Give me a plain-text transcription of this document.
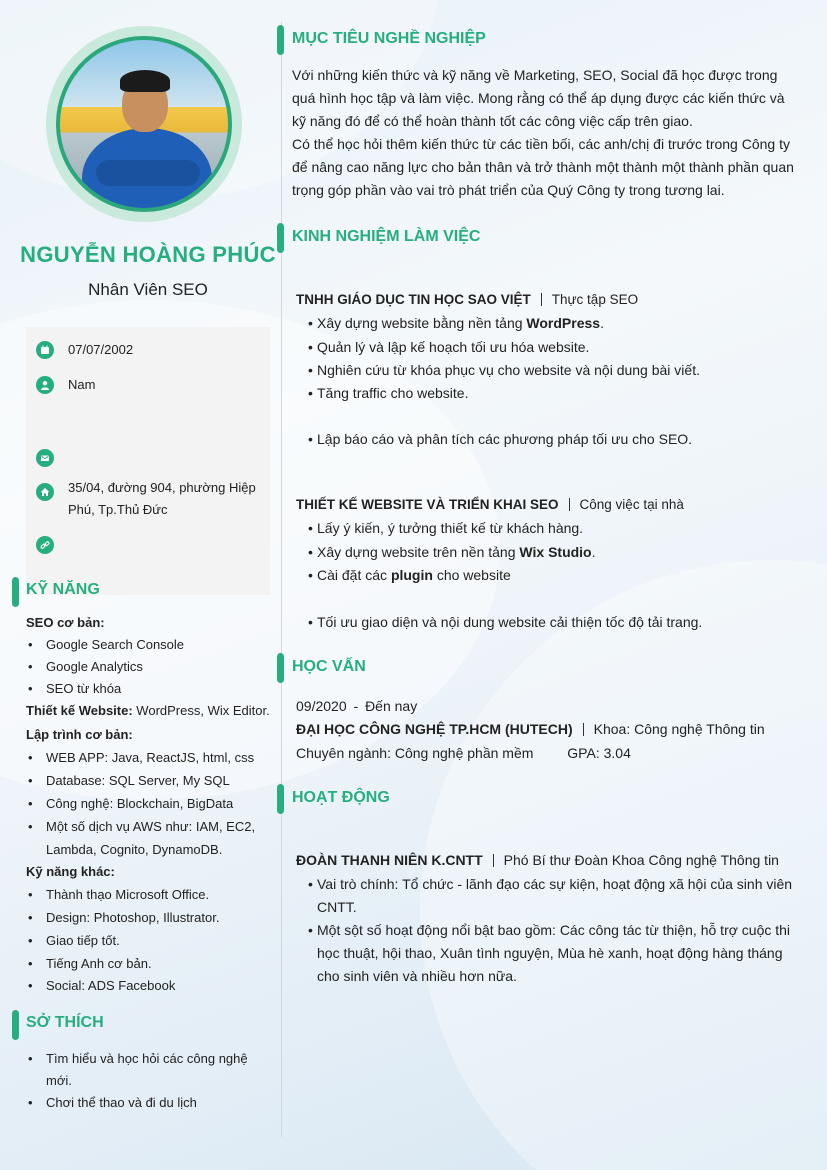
NGUYỄN HOÀNG PHÚC
Nhân Viên SEO
07/07/2002
Nam
35/04, đường 904, phường Hiệp Phú, Tp.Thủ Đức
KỸ NĂNG
SEO cơ bản:
• Google Search Console
• Google Analytics
• SEO từ khóa
Thiết kế Website: WordPress, Wix Editor.
Lập trình cơ bản:
• WEB APP: Java, ReactJS, html, css
• Database: SQL Server, My SQL
• Công nghệ: Blockchain, BigData
• Một số dịch vụ AWS như: IAM, EC2,
Lambda, Cognito, DynamoDB.
Kỹ năng khác:
• Thành thạo Microsoft Office.
• Design: Photoshop, Illustrator.
• Giao tiếp tốt.
• Tiếng Anh cơ bản.
• Social: ADS Facebook
SỞ THÍCH
• Tìm hiểu và học hỏi các công nghệ mới.
• Chơi thể thao và đi du lịch
MỤC TIÊU NGHỀ NGHIỆP
Với những kiến thức và kỹ năng về Marketing, SEO, Social đã học được trong quá hình học tập và làm việc. Mong rằng có thể áp dụng được các kiến thức và kỹ năng đó để có thể hoàn thành tốt các công việc cấp trên giao.
Có thể học hỏi thêm kiến thức từ các tiền bối, các anh/chị đi trước trong Công ty để nâng cao năng lực cho bản thân và trở thành một thành một thành phần quan trọng góp phần vào vai trò phát triển của Quý Công ty trong tương lai.
KINH NGHIỆM LÀM VIỆC
TNHH GIÁO DỤC TIN HỌC SAO VIỆT Thực tập SEO
• Xây dựng website bằng nền tảng WordPress.
• Quản lý và lập kế hoạch tối ưu hóa website.
• Nghiên cứu từ khóa phục vụ cho website và nội dung bài viết.
• Tăng traffic cho website.
• Lập báo cáo và phân tích các phương pháp tối ưu cho SEO.
THIẾT KẾ WEBSITE VÀ TRIỂN KHAI SEO Công việc tại nhà
• Lấy ý kiến, ý tưởng thiết kế từ khách hàng.
• Xây dựng website trên nền tảng Wix Studio.
• Cài đặt các plugin cho website
• Tối ưu giao diện và nội dung website cải thiện tốc độ tải trang.
HỌC VẤN
09/2020 - Đến nay
ĐẠI HỌC CÔNG NGHỆ TP.HCM (HUTECH) Khoa: Công nghệ Thông tin
Chuyên ngành: Công nghệ phần mềm GPA: 3.04
HOẠT ĐỘNG
ĐOÀN THANH NIÊN K.CNTT Phó Bí thư Đoàn Khoa Công nghệ Thông tin
• Vai trò chính: Tổ chức - lãnh đạo các sự kiện, hoạt động xã hội của sinh viên CNTT.
• Một sột số hoạt động nổi bật bao gồm: Các công tác từ thiện, hỗ trợ cuộc thi học thuật, hội thao, Xuân tình nguyện, Mùa hè xanh, hoạt động hàng tháng cho sinh viên và nhiều hơn nữa.
